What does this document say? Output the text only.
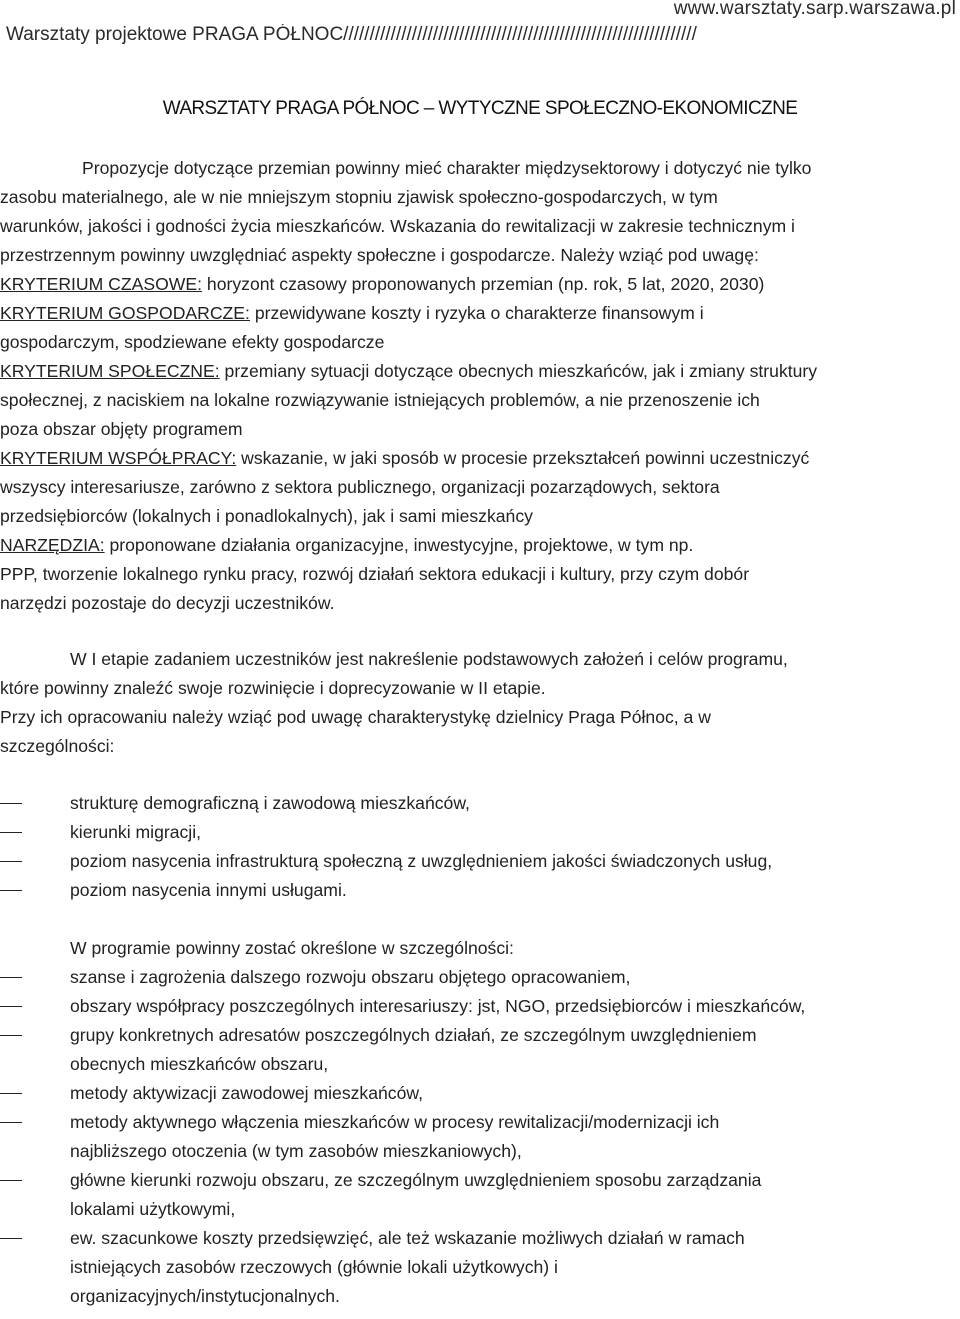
www.warsztaty.sarp.warszawa.pl
Warsztaty projektowe PRAGA PÓŁNOC///////////////////////////////////////////////////////////////////
WARSZTATY PRAGA PÓŁNOC – WYTYCZNE SPOŁECZNO-EKONOMICZNE
Propozycje dotyczące przemian powinny mieć charakter międzysektorowy i dotyczyć nie tylko
zasobu materialnego, ale w nie mniejszym stopniu zjawisk społeczno-gospodarczych, w tym
warunków, jakości i godności życia mieszkańców. Wskazania do rewitalizacji w zakresie technicznym i
przestrzennym powinny uwzględniać aspekty społeczne i gospodarcze. Należy wziąć pod uwagę:
KRYTERIUM CZASOWE: horyzont czasowy proponowanych przemian (np. rok, 5 lat, 2020, 2030)
KRYTERIUM GOSPODARCZE: przewidywane koszty i ryzyka o charakterze finansowym i
gospodarczym, spodziewane efekty gospodarcze
KRYTERIUM SPOŁECZNE: przemiany sytuacji dotyczące obecnych mieszkańców, jak i zmiany struktury
społecznej, z naciskiem na lokalne rozwiązywanie istniejących problemów, a nie przenoszenie ich
poza obszar objęty programem
KRYTERIUM WSPÓŁPRACY: wskazanie, w jaki sposób w procesie przekształceń powinni uczestniczyć
wszyscy interesariusze, zarówno z sektora publicznego, organizacji pozarządowych, sektora
przedsiębiorców (lokalnych i ponadlokalnych), jak i sami mieszkańcy
NARZĘDZIA: proponowane działania organizacyjne, inwestycyjne, projektowe, w tym np.
PPP, tworzenie lokalnego rynku pracy, rozwój działań sektora edukacji i kultury, przy czym dobór
narzędzi pozostaje do decyzji uczestników.
W I etapie zadaniem uczestników jest nakreślenie podstawowych założeń i celów programu,
które powinny znaleźć swoje rozwinięcie i doprecyzowanie w II etapie.
Przy ich opracowaniu należy wziąć pod uwagę charakterystykę dzielnicy Praga Północ, a w
szczególności:
strukturę demograficzną i zawodową mieszkańców,
kierunki migracji,
poziom nasycenia infrastrukturą społeczną z uwzględnieniem jakości świadczonych usług,
poziom nasycenia innymi usługami.
W programie powinny zostać określone w szczególności:
szanse i zagrożenia dalszego rozwoju obszaru objętego opracowaniem,
obszary współpracy poszczególnych interesariuszy: jst, NGO, przedsiębiorców i mieszkańców,
grupy konkretnych adresatów poszczególnych działań, ze szczególnym uwzględnieniem
obecnych mieszkańców obszaru,
metody aktywizacji zawodowej mieszkańców,
metody aktywnego włączenia mieszkańców w procesy rewitalizacji/modernizacji ich
najbliższego otoczenia (w tym zasobów mieszkaniowych),
główne kierunki rozwoju obszaru, ze szczególnym uwzględnieniem sposobu zarządzania
lokalami użytkowymi,
ew. szacunkowe koszty przedsięwzięć, ale też wskazanie możliwych działań w ramach
istniejących zasobów rzeczowych (głównie lokali użytkowych) i
organizacyjnych/instytucjonalnych.
